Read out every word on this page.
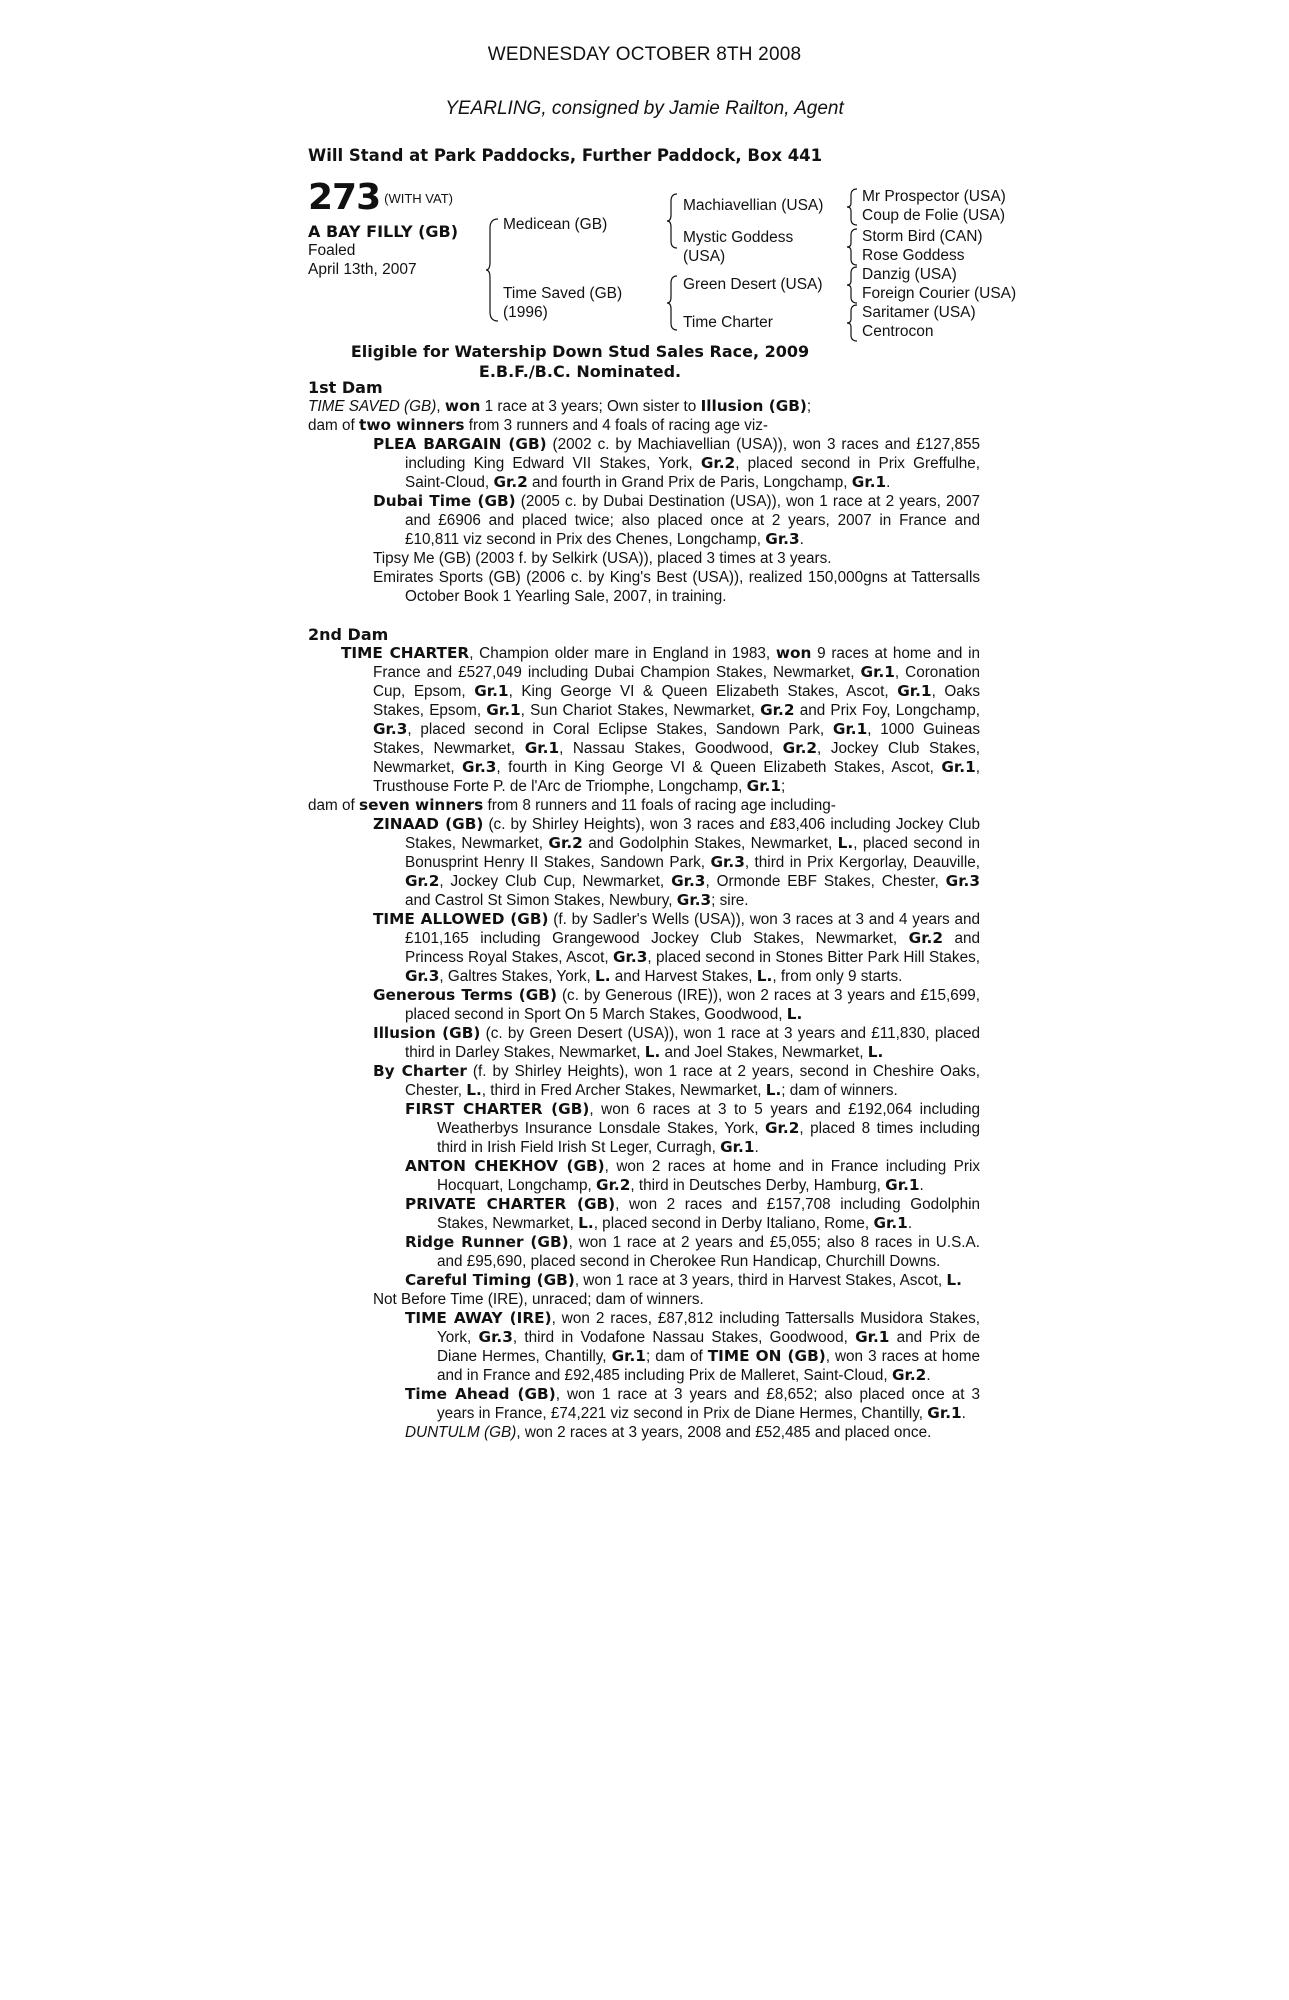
WEDNESDAY OCTOBER 8TH 2008
YEARLING, consigned by Jamie Railton, Agent
Will Stand at Park Paddocks, Further Paddock, Box 441
273 $^{(WITH VAT)}$
A BAY FILLY (GB)
Foaled
April 13th, 2007
Medicean (GB)
Time Saved (GB)
(1996)
Machiavellian (USA)
Mystic Goddess
(USA)
Green Desert (USA)
Time Charter
Mr Prospector (USA)
Coup de Folie (USA)
Storm Bird (CAN)
Rose Goddess
Danzig (USA)
Foreign Courier (USA)
Saritamer (USA)
Centrocon
Eligible for Watership Down Stud Sales Race, 2009
E.B.F./B.C. Nominated.
1st Dam

TIME SAVED (GB), won 1 race at 3 years; Own sister to Illusion (GB);

dam of two winners from 3 runners and 4 foals of racing age viz-

PLEA BARGAIN (GB) (2002 c. by Machiavellian (USA)), won 3 races and £127,855 including King Edward VII Stakes, York, Gr.2, placed second in Prix Greffulhe, Saint-Cloud, Gr.2 and fourth in Grand Prix de Paris, Longchamp, Gr.1.

Dubai Time (GB) (2005 c. by Dubai Destination (USA)), won 1 race at 2 years, 2007 and £6906 and placed twice; also placed once at 2 years, 2007 in France and £10,811 viz second in Prix des Chenes, Longchamp, Gr.3.

Tipsy Me (GB) (2003 f. by Selkirk (USA)), placed 3 times at 3 years.

Emirates Sports (GB) (2006 c. by King's Best (USA)), realized 150,000gns at Tattersalls October Book 1 Yearling Sale, 2007, in training.

2nd Dam

TIME CHARTER, Champion older mare in England in 1983, won 9 races at home and in France and £527,049 including Dubai Champion Stakes, Newmarket, Gr.1, Coronation Cup, Epsom, Gr.1, King George VI & Queen Elizabeth Stakes, Ascot, Gr.1, Oaks Stakes, Epsom, Gr.1, Sun Chariot Stakes, Newmarket, Gr.2 and Prix Foy, Longchamp, Gr.3, placed second in Coral Eclipse Stakes, Sandown Park, Gr.1, 1000 Guineas Stakes, Newmarket, Gr.1, Nassau Stakes, Goodwood, Gr.2, Jockey Club Stakes, Newmarket, Gr.3, fourth in King George VI & Queen Elizabeth Stakes, Ascot, Gr.1, Trusthouse Forte P. de l'Arc de Triomphe, Longchamp, Gr.1;

dam of seven winners from 8 runners and 11 foals of racing age including-

ZINAAD (GB) (c. by Shirley Heights), won 3 races and £83,406 including Jockey Club Stakes, Newmarket, Gr.2 and Godolphin Stakes, Newmarket, L., placed second in Bonusprint Henry II Stakes, Sandown Park, Gr.3, third in Prix Kergorlay, Deauville, Gr.2, Jockey Club Cup, Newmarket, Gr.3, Ormonde EBF Stakes, Chester, Gr.3 and Castrol St Simon Stakes, Newbury, Gr.3; sire.

TIME ALLOWED (GB) (f. by Sadler's Wells (USA)), won 3 races at 3 and 4 years and £101,165 including Grangewood Jockey Club Stakes, Newmarket, Gr.2 and Princess Royal Stakes, Ascot, Gr.3, placed second in Stones Bitter Park Hill Stakes, Gr.3, Galtres Stakes, York, L. and Harvest Stakes, L., from only 9 starts.

Generous Terms (GB) (c. by Generous (IRE)), won 2 races at 3 years and £15,699, placed second in Sport On 5 March Stakes, Goodwood, L.

Illusion (GB) (c. by Green Desert (USA)), won 1 race at 3 years and £11,830, placed third in Darley Stakes, Newmarket, L. and Joel Stakes, Newmarket, L.

By Charter (f. by Shirley Heights), won 1 race at 2 years, second in Cheshire Oaks, Chester, L., third in Fred Archer Stakes, Newmarket, L.; dam of winners.

FIRST CHARTER (GB), won 6 races at 3 to 5 years and £192,064 including Weatherbys Insurance Lonsdale Stakes, York, Gr.2, placed 8 times including third in Irish Field Irish St Leger, Curragh, Gr.1.

ANTON CHEKHOV (GB), won 2 races at home and in France including Prix Hocquart, Longchamp, Gr.2, third in Deutsches Derby, Hamburg, Gr.1.

PRIVATE CHARTER (GB), won 2 races and £157,708 including Godolphin Stakes, Newmarket, L., placed second in Derby Italiano, Rome, Gr.1.

Ridge Runner (GB), won 1 race at 2 years and £5,055; also 8 races in U.S.A. and £95,690, placed second in Cherokee Run Handicap, Churchill Downs.

Careful Timing (GB), won 1 race at 3 years, third in Harvest Stakes, Ascot, L.

Not Before Time (IRE), unraced; dam of winners.

TIME AWAY (IRE), won 2 races, £87,812 including Tattersalls Musidora Stakes, York, Gr.3, third in Vodafone Nassau Stakes, Goodwood, Gr.1 and Prix de Diane Hermes, Chantilly, Gr.1; dam of TIME ON (GB), won 3 races at home and in France and £92,485 including Prix de Malleret, Saint-Cloud, Gr.2.

Time Ahead (GB), won 1 race at 3 years and £8,652; also placed once at 3 years in France, £74,221 viz second in Prix de Diane Hermes, Chantilly, Gr.1.

DUNTULM (GB), won 2 races at 3 years, 2008 and £52,485 and placed once.
